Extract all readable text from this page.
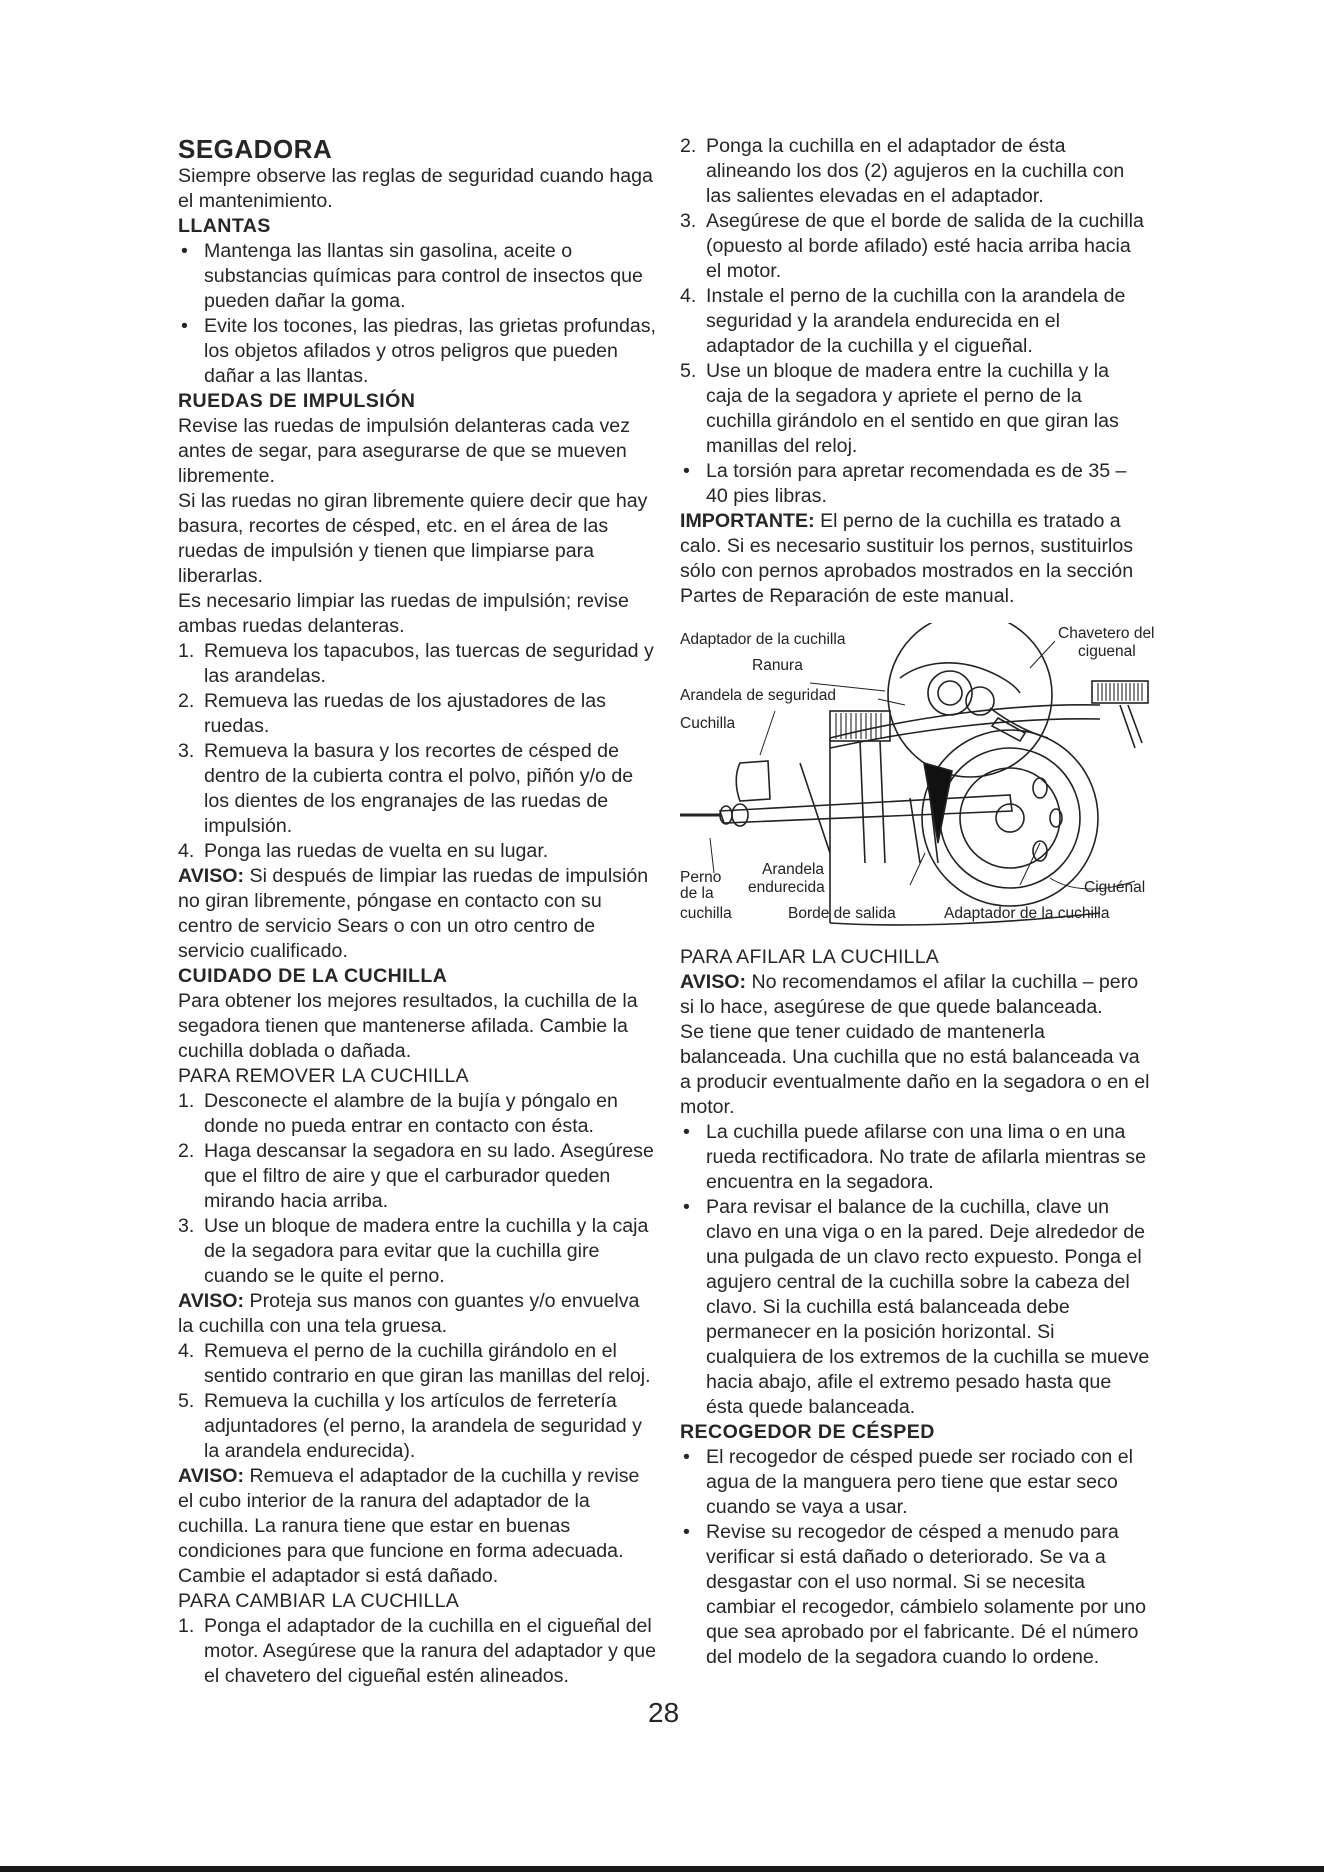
SEGADORA

Siempre observe las reglas de seguridad cuando haga el mantenimiento.

LLANTAS

• Mantenga las llantas sin gasolina, aceite o substancias químicas para control de insectos que pueden dañar la goma.
• Evite los tocones, las piedras, las grietas profundas, los objetos afilados y otros peligros que pueden dañar a las llantas.

RUEDAS DE IMPULSIÓN

Revise las ruedas de impulsión delanteras cada vez antes de segar, para asegurarse de que se mueven libremente.

Si las ruedas no giran libremente quiere decir que hay basura, recortes de césped, etc. en el área de las ruedas de impulsión y tienen que limpiarse para liberarlas.

Es necesario limpiar las ruedas de impulsión; revise ambas ruedas delanteras.

1. Remueva los tapacubos, las tuercas de seguridad y las arandelas.
2. Remueva las ruedas de los ajustadores de las ruedas.
3. Remueva la basura y los recortes de césped de dentro de la cubierta contra el polvo, piñón y/o de los dientes de los engranajes de las ruedas de impulsión.
4. Ponga las ruedas de vuelta en su lugar.

AVISO: Si después de limpiar las ruedas de impulsión no giran libremente, póngase en contacto con su centro de servicio Sears o con un otro centro de servicio cualificado.

CUIDADO DE LA CUCHILLA

Para obtener los mejores resultados, la cuchilla de la segadora tienen que mantenerse afilada. Cambie la cuchilla doblada o dañada.

PARA REMOVER LA CUCHILLA

1. Desconecte el alambre de la bujía y póngalo en donde no pueda entrar en contacto con ésta.
2. Haga descansar la segadora en su lado. Asegúrese que el filtro de aire y que el carburador queden mirando hacia arriba.
3. Use un bloque de madera entre la cuchilla y la caja de la segadora para evitar que la cuchilla gire cuando se le quite el perno.

AVISO: Proteja sus manos con guantes y/o envuelva la cuchilla con una tela gruesa.

4. Remueva el perno de la cuchilla girándolo en el sentido contrario en que giran las manillas del reloj.
5. Remueva la cuchilla y los artículos de ferretería adjuntadores (el perno, la arandela de seguridad y la arandela endurecida).

AVISO: Remueva el adaptador de la cuchilla y revise el cubo interior de la ranura del adaptador de la cuchilla. La ranura tiene que estar en buenas condiciones para que funcione en forma adecuada. Cambie el adaptador si está dañado.

PARA CAMBIAR LA CUCHILLA

1. Ponga el adaptador de la cuchilla en el cigueñal del motor. Asegúrese que la ranura del adaptador y que el chavetero del cigueñal estén alineados.
2. Ponga la cuchilla en el adaptador de ésta alineando los dos (2) agujeros en la cuchilla con las salientes elevadas en el adaptador.
3. Asegúrese de que el borde de salida de la cuchilla (opuesto al borde afilado) esté hacia arriba hacia el motor.
4. Instale el perno de la cuchilla con la arandela de seguridad y la arandela endurecida en el adaptador de la cuchilla y el cigueñal.
5. Use un bloque de madera entre la cuchilla y la caja de la segadora y apriete el perno de la cuchilla girándolo en el sentido en que giran las manillas del reloj.
• La torsión para apretar recomendada es de 35 – 40 pies libras.

IMPORTANTE: El perno de la cuchilla es tratado a calo. Si es necesario sustituir los pernos, sustituirlos sólo con pernos aprobados mostrados en la sección Partes de Reparación de este manual.

Adaptador de la cuchilla	Chavetero del
ciguenal
Ranura
Arandela de seguridad
Cuchilla
Perno
de la
cuchilla
Arandela
endurecida	Ciguénal
Borde de salida	Adaptador de la cuchilla

PARA AFILAR LA CUCHILLA

AVISO: No recomendamos el afilar la cuchilla – pero si lo hace, asegúrese de que quede balanceada.

Se tiene que tener cuidado de mantenerla balanceada. Una cuchilla que no está balanceada va a producir eventualmente daño en la segadora o en el motor.

• La cuchilla puede afilarse con una lima o en una rueda rectificadora. No trate de afilarla mientras se encuentra en la segadora.
• Para revisar el balance de la cuchilla, clave un clavo en una viga o en la pared. Deje alrededor de una pulgada de un clavo recto expuesto. Ponga el agujero central de la cuchilla sobre la cabeza del clavo. Si la cuchilla está balanceada debe permanecer en la posición horizontal. Si cualquiera de los extremos de la cuchilla se mueve hacia abajo, afile el extremo pesado hasta que ésta quede balanceada.

RECOGEDOR DE CÉSPED

• El recogedor de césped puede ser rociado con el agua de la manguera pero tiene que estar seco cuando se vaya a usar.
• Revise su recogedor de césped a menudo para verificar si está dañado o deteriorado. Se va a desgastar con el uso normal. Si se necesita cambiar el recogedor, cámbielo solamente por uno que sea aprobado por el fabricante. Dé el número del modelo de la segadora cuando lo ordene.
28
